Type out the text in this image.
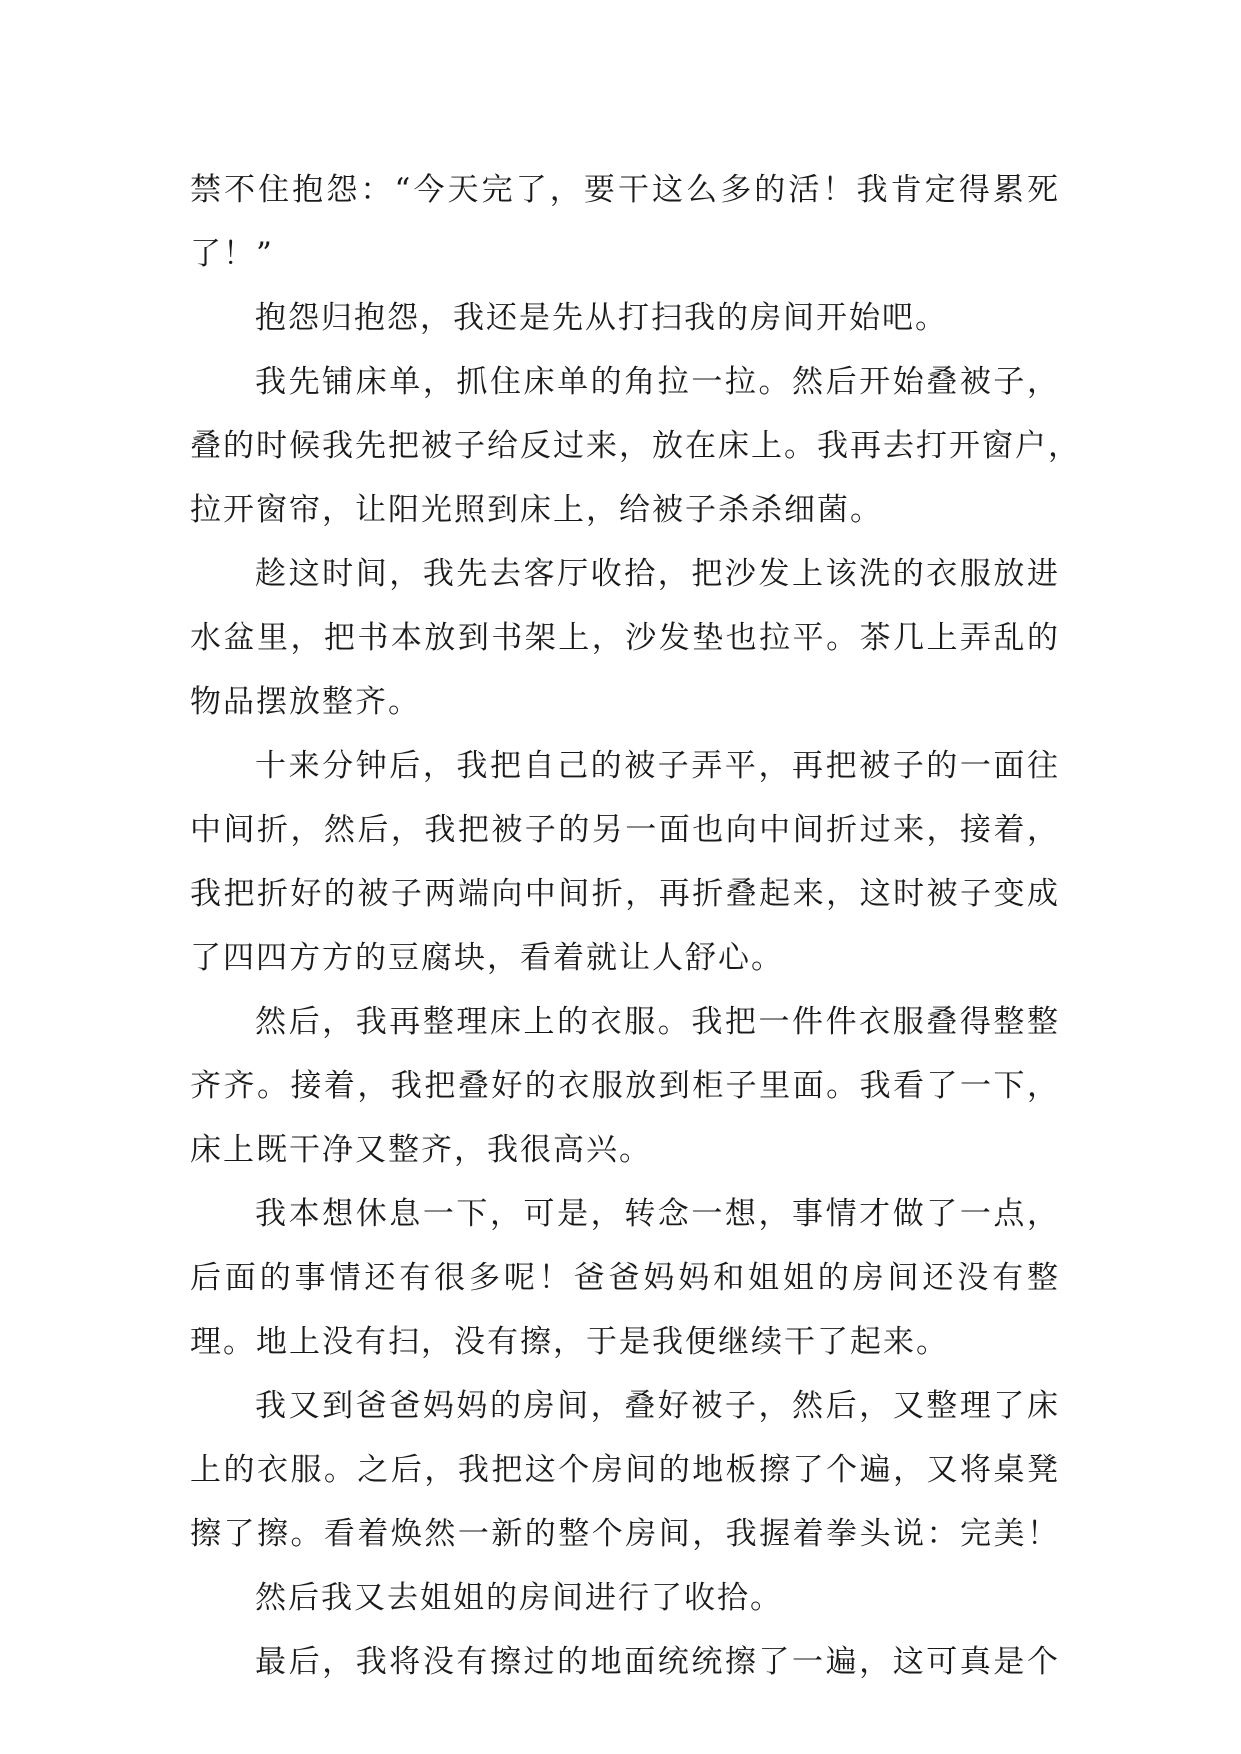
禁不住抱怨：“今天完了，要干这么多的活！我肯定得累死
了！”
抱怨归抱怨，我还是先从打扫我的房间开始吧。
我先铺床单，抓住床单的角拉一拉。然后开始叠被子，
叠的时候我先把被子给反过来，放在床上。我再去打开窗户，
拉开窗帘，让阳光照到床上，给被子杀杀细菌。
趁这时间，我先去客厅收拾，把沙发上该洗的衣服放进
水盆里，把书本放到书架上，沙发垫也拉平。茶几上弄乱的
物品摆放整齐。
十来分钟后，我把自己的被子弄平，再把被子的一面往
中间折，然后，我把被子的另一面也向中间折过来，接着，
我把折好的被子两端向中间折，再折叠起来，这时被子变成
了四四方方的豆腐块，看着就让人舒心。
然后，我再整理床上的衣服。我把一件件衣服叠得整整
齐齐。接着，我把叠好的衣服放到柜子里面。我看了一下，
床上既干净又整齐，我很高兴。
我本想休息一下，可是，转念一想，事情才做了一点，
后面的事情还有很多呢！爸爸妈妈和姐姐的房间还没有整
理。地上没有扫，没有擦，于是我便继续干了起来。
我又到爸爸妈妈的房间，叠好被子，然后，又整理了床
上的衣服。之后，我把这个房间的地板擦了个遍，又将桌凳
擦了擦。看着焕然一新的整个房间，我握着拳头说：完美！
然后我又去姐姐的房间进行了收拾。
最后，我将没有擦过的地面统统擦了一遍，这可真是个
